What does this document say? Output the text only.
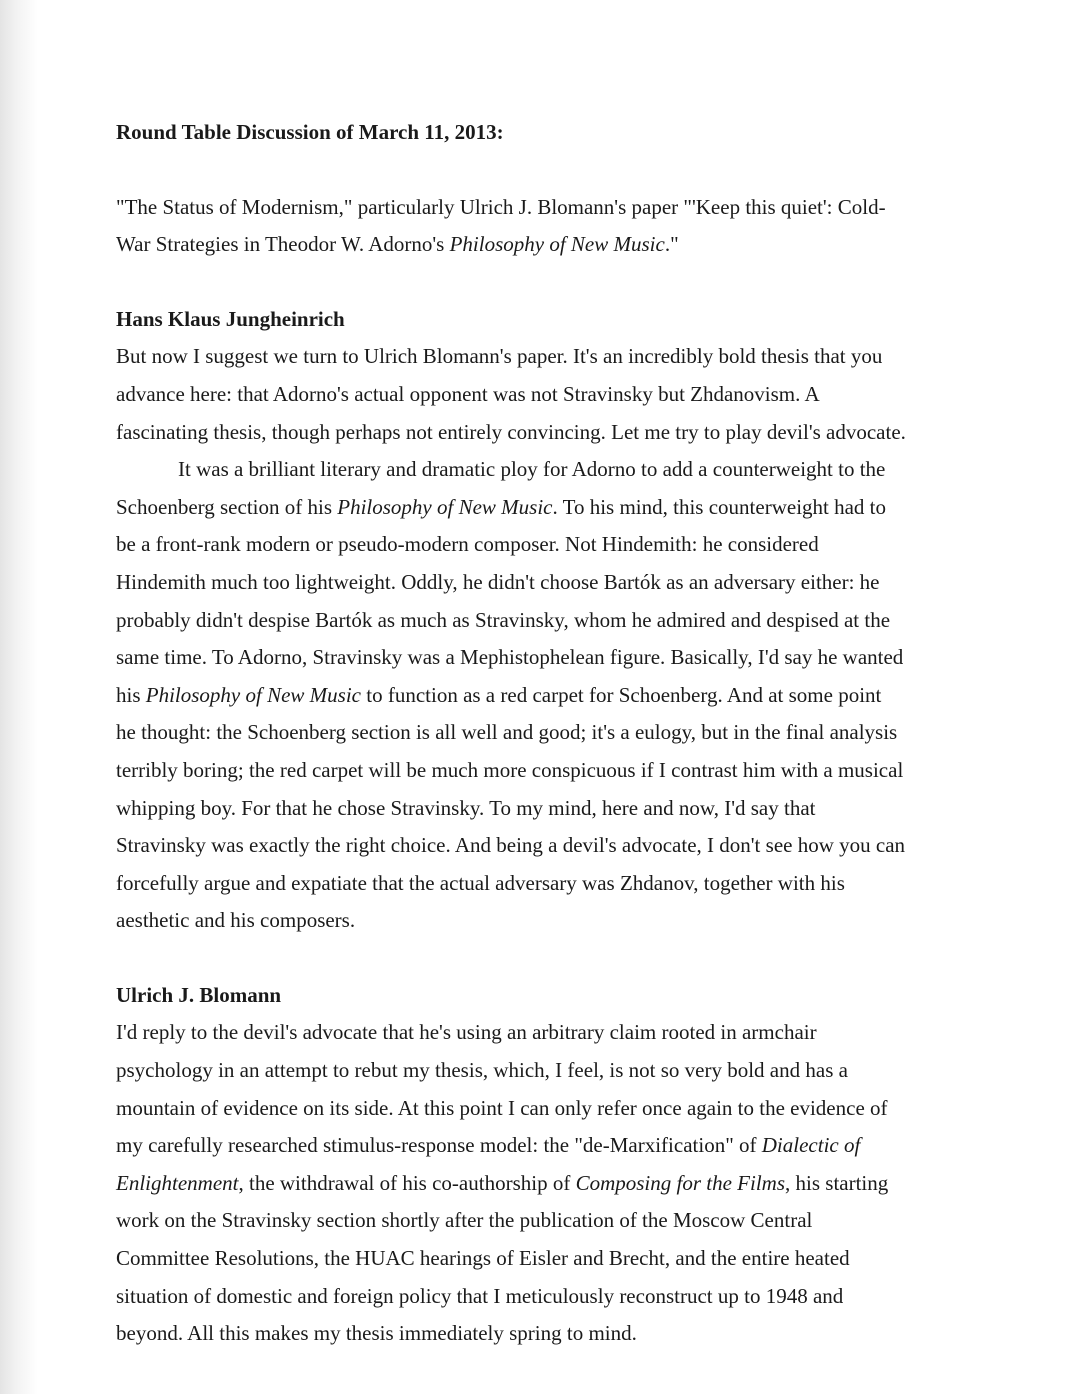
Round Table Discussion of March 11, 2013:
"The Status of Modernism," particularly Ulrich J. Blomann's paper "'Keep this quiet': Cold-
War Strategies in Theodor W. Adorno's Philosophy of New Music."
Hans Klaus Jungheinrich
But now I suggest we turn to Ulrich Blomann's paper. It's an incredibly bold thesis that you
advance here: that Adorno's actual opponent was not Stravinsky but Zhdanovism. A
fascinating thesis, though perhaps not entirely convincing. Let me try to play devil's advocate.
It was a brilliant literary and dramatic ploy for Adorno to add a counterweight to the
Schoenberg section of his Philosophy of New Music. To his mind, this counterweight had to
be a front-rank modern or pseudo-modern composer. Not Hindemith: he considered
Hindemith much too lightweight. Oddly, he didn't choose Bartók as an adversary either: he
probably didn't despise Bartók as much as Stravinsky, whom he admired and despised at the
same time. To Adorno, Stravinsky was a Mephistophelean figure. Basically, I'd say he wanted
his Philosophy of New Music to function as a red carpet for Schoenberg. And at some point
he thought: the Schoenberg section is all well and good; it's a eulogy, but in the final analysis
terribly boring; the red carpet will be much more conspicuous if I contrast him with a musical
whipping boy. For that he chose Stravinsky. To my mind, here and now, I'd say that
Stravinsky was exactly the right choice. And being a devil's advocate, I don't see how you can
forcefully argue and expatiate that the actual adversary was Zhdanov, together with his
aesthetic and his composers.
Ulrich J. Blomann
I'd reply to the devil's advocate that he's using an arbitrary claim rooted in armchair
psychology in an attempt to rebut my thesis, which, I feel, is not so very bold and has a
mountain of evidence on its side. At this point I can only refer once again to the evidence of
my carefully researched stimulus-response model: the "de-Marxification" of Dialectic of
Enlightenment, the withdrawal of his co-authorship of Composing for the Films, his starting
work on the Stravinsky section shortly after the publication of the Moscow Central
Committee Resolutions, the HUAC hearings of Eisler and Brecht, and the entire heated
situation of domestic and foreign policy that I meticulously reconstruct up to 1948 and
beyond. All this makes my thesis immediately spring to mind.
